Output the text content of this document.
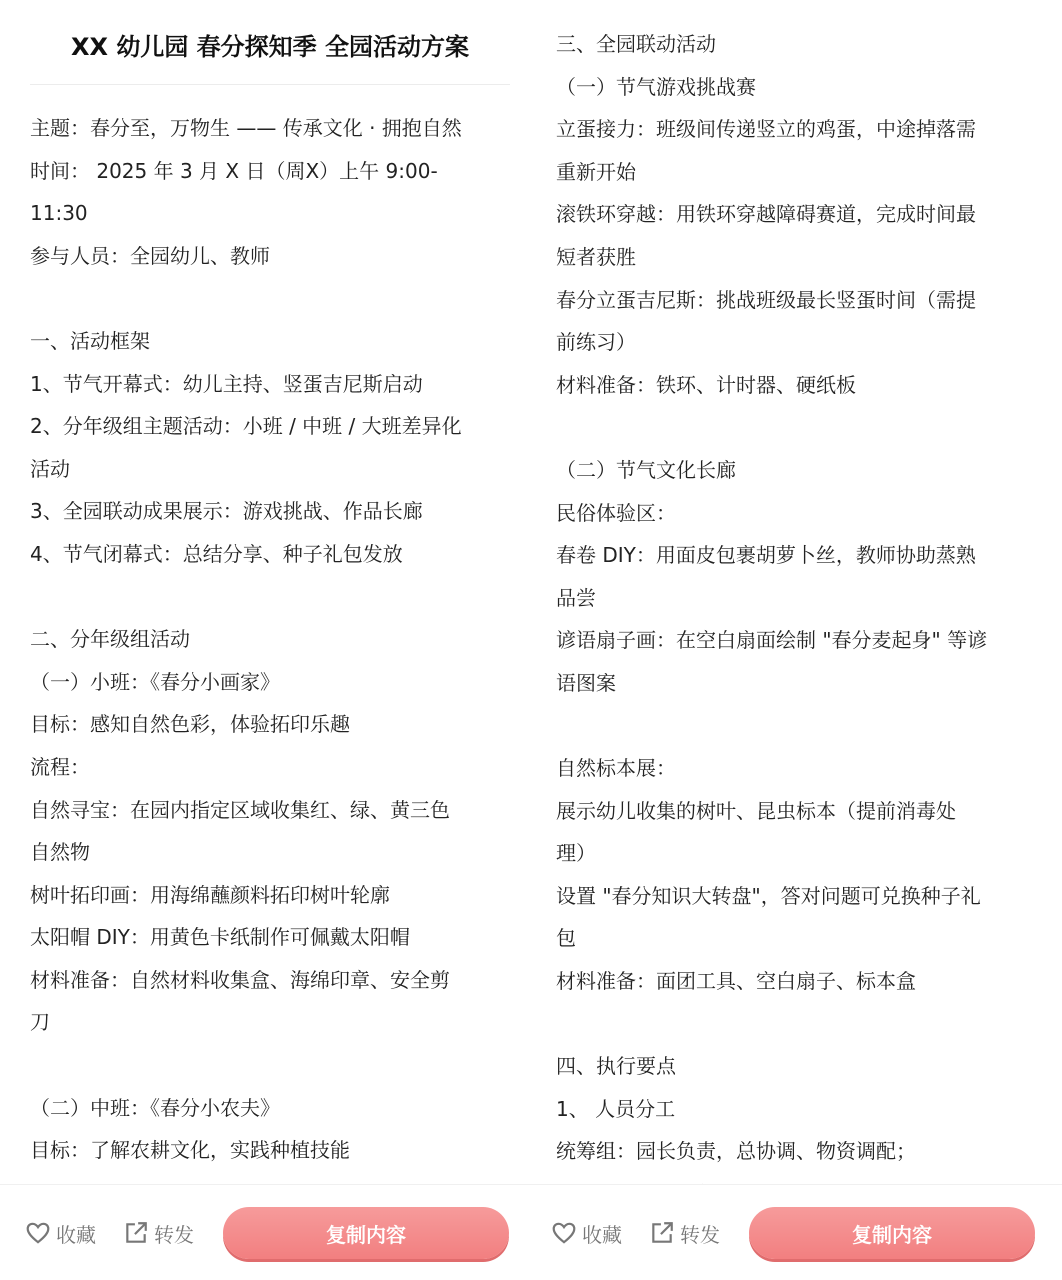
XX 幼儿园 春分探知季 全园活动方案
主题：春分至，万物生 —— 传承文化 · 拥抱自然
时间： 2025 年 3 月 X 日（周X）上午 9:00-
11:30
参与人员：全园幼儿、教师
一、活动框架
1、节气开幕式：幼儿主持、竖蛋吉尼斯启动
2、分年级组主题活动：小班 / 中班 / 大班差异化
活动
3、全园联动成果展示：游戏挑战、作品长廊
4、节气闭幕式：总结分享、种子礼包发放
二、分年级组活动
（一）小班：《春分小画家》
目标：感知自然色彩，体验拓印乐趣
流程：
自然寻宝：在园内指定区域收集红、绿、黄三色
自然物
树叶拓印画：用海绵蘸颜料拓印树叶轮廓
太阳帽 DIY：用黄色卡纸制作可佩戴太阳帽
材料准备：自然材料收集盒、海绵印章、安全剪
刀
（二）中班：《春分小农夫》
目标：了解农耕文化，实践种植技能
三、全园联动活动
（一）节气游戏挑战赛
立蛋接力：班级间传递竖立的鸡蛋，中途掉落需
重新开始
滚铁环穿越：用铁环穿越障碍赛道，完成时间最
短者获胜
春分立蛋吉尼斯：挑战班级最长竖蛋时间（需提
前练习）
材料准备：铁环、计时器、硬纸板
（二）节气文化长廊
民俗体验区：
春卷 DIY：用面皮包裹胡萝卜丝，教师协助蒸熟
品尝
谚语扇子画：在空白扇面绘制 "春分麦起身" 等谚
语图案
自然标本展：
展示幼儿收集的树叶、昆虫标本（提前消毒处
理）
设置 "春分知识大转盘"，答对问题可兑换种子礼
包
材料准备：面团工具、空白扇子、标本盒
四、执行要点
1、 人员分工
统筹组：园长负责，总协调、物资调配；
收藏	转发	复制内容	收藏	转发	复制内容
